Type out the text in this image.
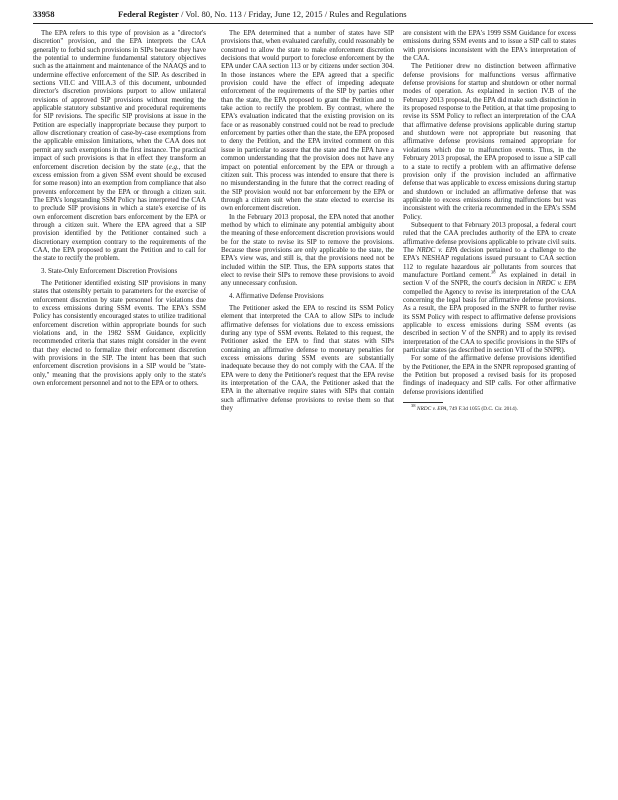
33958	Federal Register / Vol. 80, No. 113 / Friday, June 12, 2015 / Rules and Regulations

The EPA refers to this type of provision as a "director's discretion" provision, and the EPA interprets the CAA generally to forbid such provisions in SIPs because they have the potential to undermine fundamental statutory objectives such as the attainment and maintenance of the NAAQS and to undermine effective enforcement of the SIP. As described in sections VII.C and VIII.A.3 of this document, unbounded director's discretion provisions purport to allow unilateral revisions of approved SIP provisions without meeting the applicable statutory substantive and procedural requirements for SIP revisions. The specific SIP provisions at issue in the Petition are especially inappropriate because they purport to allow discretionary creation of case-by-case exemptions from the applicable emission limitations, when the CAA does not permit any such exemptions in the first instance. The practical impact of such provisions is that in effect they transform an enforcement discretion decision by the state (e.g., that the excess emission from a given SSM event should be excused for some reason) into an exemption from compliance that also prevents enforcement by the EPA or through a citizen suit. The EPA's longstanding SSM Policy has interpreted the CAA to preclude SIP provisions in which a state's exercise of its own enforcement discretion bars enforcement by the EPA or through a citizen suit. Where the EPA agreed that a SIP provision identified by the Petitioner contained such a discretionary exemption contrary to the requirements of the CAA, the EPA proposed to grant the Petition and to call for the state to rectify the problem.

3. State-Only Enforcement Discretion Provisions

The Petitioner identified existing SIP provisions in many states that ostensibly pertain to parameters for the exercise of enforcement discretion by state personnel for violations due to excess emissions during SSM events. The EPA's SSM Policy has consistently encouraged states to utilize traditional enforcement discretion within appropriate bounds for such violations and, in the 1982 SSM Guidance, explicitly recommended criteria that states might consider in the event that they elected to formalize their enforcement discretion with provisions in the SIP. The intent has been that such enforcement discretion provisions in a SIP would be "state-only," meaning that the provisions apply only to the state's own enforcement personnel and not to the EPA or to others.

The EPA determined that a number of states have SIP provisions that, when evaluated carefully, could reasonably be construed to allow the state to make enforcement discretion decisions that would purport to foreclose enforcement by the EPA under CAA section 113 or by citizens under section 304. In those instances where the EPA agreed that a specific provision could have the effect of impeding adequate enforcement of the requirements of the SIP by parties other than the state, the EPA proposed to grant the Petition and to take action to rectify the problem. By contrast, where the EPA's evaluation indicated that the existing provision on its face or as reasonably construed could not be read to preclude enforcement by parties other than the state, the EPA proposed to deny the Petition, and the EPA invited comment on this issue in particular to assure that the state and the EPA have a common understanding that the provision does not have any impact on potential enforcement by the EPA or through a citizen suit. This process was intended to ensure that there is no misunderstanding in the future that the correct reading of the SIP provision would not bar enforcement by the EPA or through a citizen suit when the state elected to exercise its own enforcement discretion.

In the February 2013 proposal, the EPA noted that another method by which to eliminate any potential ambiguity about the meaning of these enforcement discretion provisions would be for the state to revise its SIP to remove the provisions. Because these provisions are only applicable to the state, the EPA's view was, and still is, that the provisions need not be included within the SIP. Thus, the EPA supports states that elect to revise their SIPs to remove these provisions to avoid any unnecessary confusion.

4. Affirmative Defense Provisions

The Petitioner asked the EPA to rescind its SSM Policy element that interpreted the CAA to allow SIPs to include affirmative defenses for violations due to excess emissions during any type of SSM events. Related to this request, the Petitioner asked the EPA to find that states with SIPs containing an affirmative defense to monetary penalties for excess emissions during SSM events are substantially inadequate because they do not comply with the CAA. If the EPA were to deny the Petitioner's request that the EPA revise its interpretation of the CAA, the Petitioner asked that the EPA in the alternative require states with SIPs that contain such affirmative defense provisions to revise them so that they

are consistent with the EPA's 1999 SSM Guidance for excess emissions during SSM events and to issue a SIP call to states with provisions inconsistent with the EPA's interpretation of the CAA.

The Petitioner drew no distinction between affirmative defense provisions for malfunctions versus affirmative defense provisions for startup and shutdown or other normal modes of operation. As explained in section IV.B of the February 2013 proposal, the EPA did make such distinction in its proposed response to the Petition, at that time proposing to revise its SSM Policy to reflect an interpretation of the CAA that affirmative defense provisions applicable during startup and shutdown were not appropriate but reasoning that affirmative defense provisions remained appropriate for violations which due to malfunction events. Thus, in the February 2013 proposal, the EPA proposed to issue a SIP call to a state to rectify a problem with an affirmative defense provision only if the provision included an affirmative defense that was applicable to excess emissions during startup and shutdown or included an affirmative defense that was applicable to excess emissions during malfunctions but was inconsistent with the criteria recommended in the EPA's SSM Policy.

Subsequent to that February 2013 proposal, a federal court ruled that the CAA precludes authority of the EPA to create affirmative defense provisions applicable to private civil suits. The NRDC v. EPA decision pertained to a challenge to the EPA's NESHAP regulations issued pursuant to CAA section 112 to regulate hazardous air pollutants from sources that manufacture Portland cement.$^{38}$ As explained in detail in section V of the SNPR, the court's decision in NRDC v. EPA compelled the Agency to revise its interpretation of the CAA concerning the legal basis for affirmative defense provisions. As a result, the EPA proposed in the SNPR to further revise its SSM Policy with respect to affirmative defense provisions applicable to excess emissions during SSM events (as described in section V of the SNPR) and to apply its revised interpretation of the CAA to specific provisions in the SIPs of particular states (as described in section VII of the SNPR).

For some of the affirmative defense provisions identified by the Petitioner, the EPA in the SNPR reproposed granting of the Petition but proposed a revised basis for its proposed findings of inadequacy and SIP calls. For other affirmative defense provisions identified

$^{38}$ NRDC v. EPA, 749 F.3d 1055 (D.C. Cir. 2014).
